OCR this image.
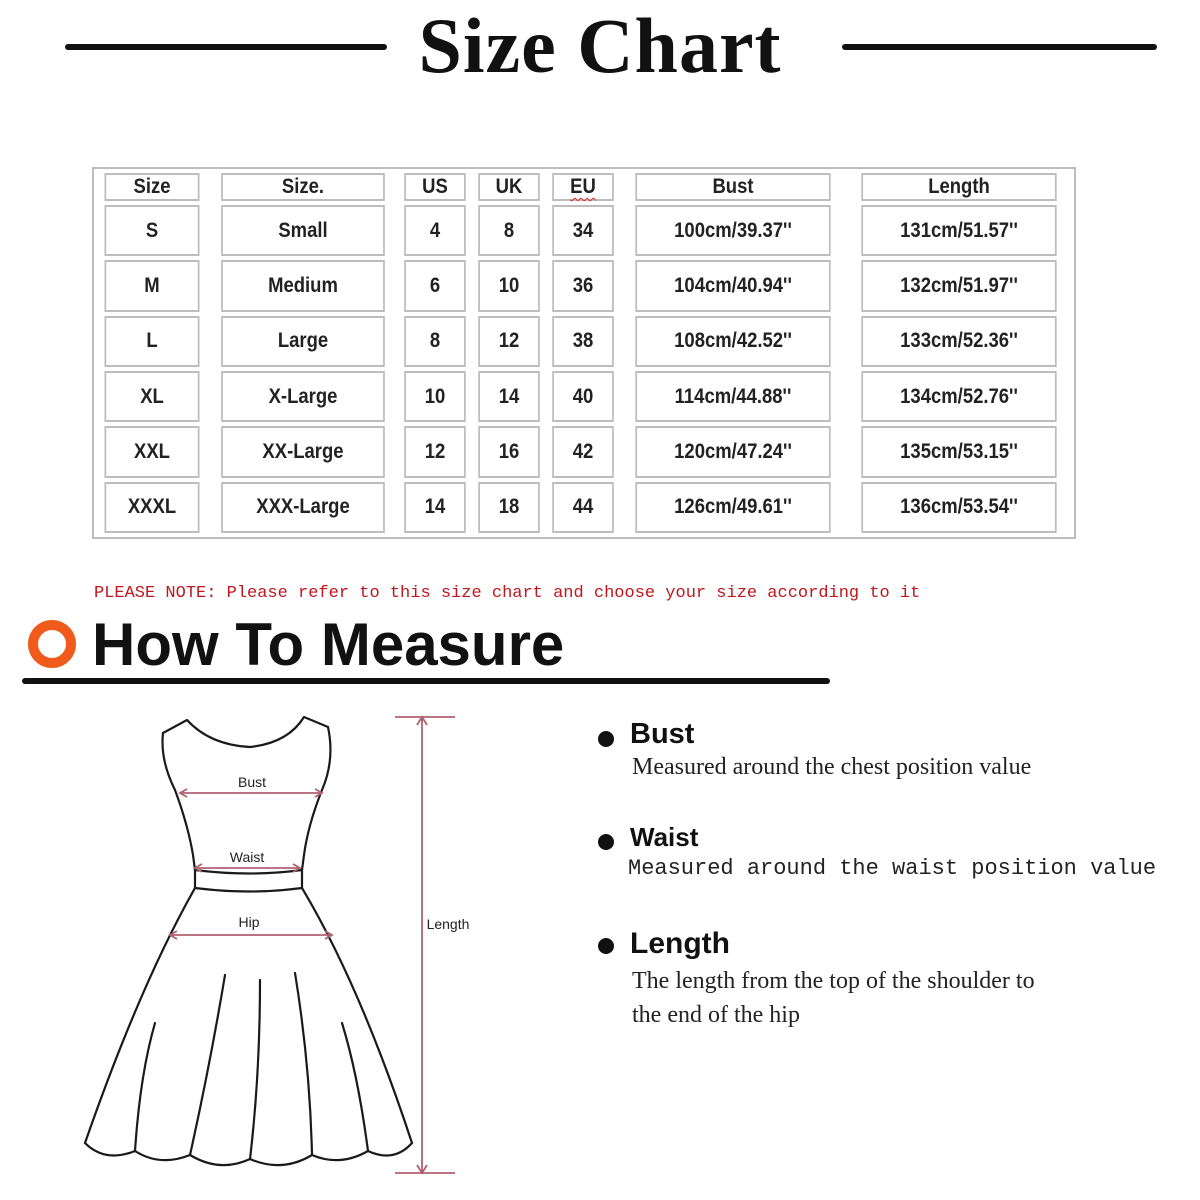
Size Chart
Size	Size.	US	UK	EU	Bust	Length
S	Small	4	8	34	100cm/39.37''	131cm/51.57''
M	Medium	6	10	36	104cm/40.94''	132cm/51.97''
L	Large	8	12	38	108cm/42.52''	133cm/52.36''
XL	X-Large	10	14	40	114cm/44.88''	134cm/52.76''
XXL	XX-Large	12	16	42	120cm/47.24''	135cm/53.15''
XXXL	XXX-Large	14	18	44	126cm/49.61''	136cm/53.54''
PLEASE NOTE: Please refer to this size chart and choose your size according to it
How To Measure
Bust
Waist
Hip	Length
Bust
Measured around the chest position value
Waist
Measured around the waist position value
Length
The length from the top of the shoulder to
the end of the hip
